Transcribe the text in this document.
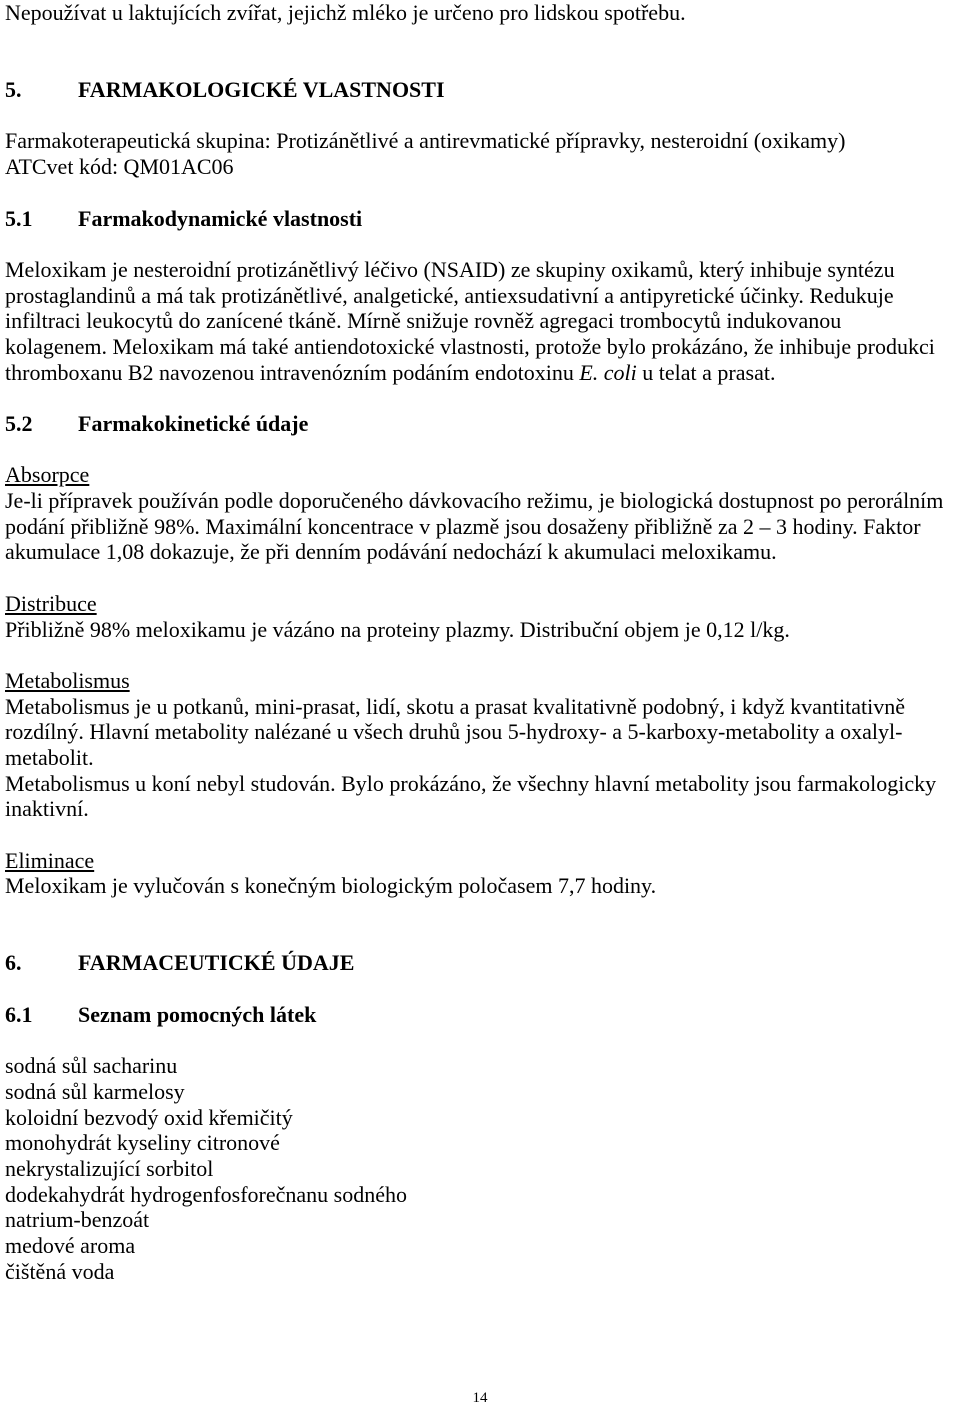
Nepoužívat u laktujících zvířat, jejichž mléko je určeno pro lidskou spotřebu.
5.	FARMAKOLOGICKÉ VLASTNOSTI
Farmakoterapeutická skupina: Protizánětlivé a antirevmatické přípravky, nesteroidní (oxikamy)
ATCvet kód: QM01AC06
5.1 Farmakodynamické vlastnosti
Meloxikam je nesteroidní protizánětlivý léčivo (NSAID) ze skupiny oxikamů, který inhibuje syntézu
prostaglandinů a má tak protizánětlivé, analgetické, antiexsudativní a antipyretické účinky. Redukuje
infiltraci leukocytů do zanícené tkáně. Mírně snižuje rovněž agregaci trombocytů indukovanou
kolagenem. Meloxikam má také antiendotoxické vlastnosti, protože bylo prokázáno, že inhibuje produkci
thromboxanu B2 navozenou intravenózním podáním endotoxinu E. coli u telat a prasat.
5.2 Farmakokinetické údaje
Absorpce
Je-li přípravek používán podle doporučeného dávkovacího režimu, je biologická dostupnost po perorálním
podání přibližně 98%. Maximální koncentrace v plazmě jsou dosaženy přibližně za 2 – 3 hodiny. Faktor
akumulace 1,08 dokazuje, že při denním podávání nedochází k akumulaci meloxikamu.
Distribuce
Přibližně 98% meloxikamu je vázáno na proteiny plazmy. Distribuční objem je 0,12 l/kg.
Metabolismus
Metabolismus je u potkanů, mini-prasat, lidí, skotu a prasat kvalitativně podobný, i když kvantitativně
rozdílný. Hlavní metabolity nalézané u všech druhů jsou 5-hydroxy- a 5-karboxy-metabolity a oxalyl-
metabolit.
Metabolismus u koní nebyl studován. Bylo prokázáno, že všechny hlavní metabolity jsou farmakologicky
inaktivní.
Eliminace
Meloxikam je vylučován s konečným biologickým poločasem 7,7 hodiny.
6.	FARMACEUTICKÉ ÚDAJE
6.1 Seznam pomocných látek
sodná sůl sacharinu
sodná sůl karmelosy
koloidní bezvodý oxid křemičitý
monohydrát kyseliny citronové
nekrystalizující sorbitol
dodekahydrát hydrogenfosforečnanu sodného
natrium-benzoát
medové aroma
čištěná voda
14
